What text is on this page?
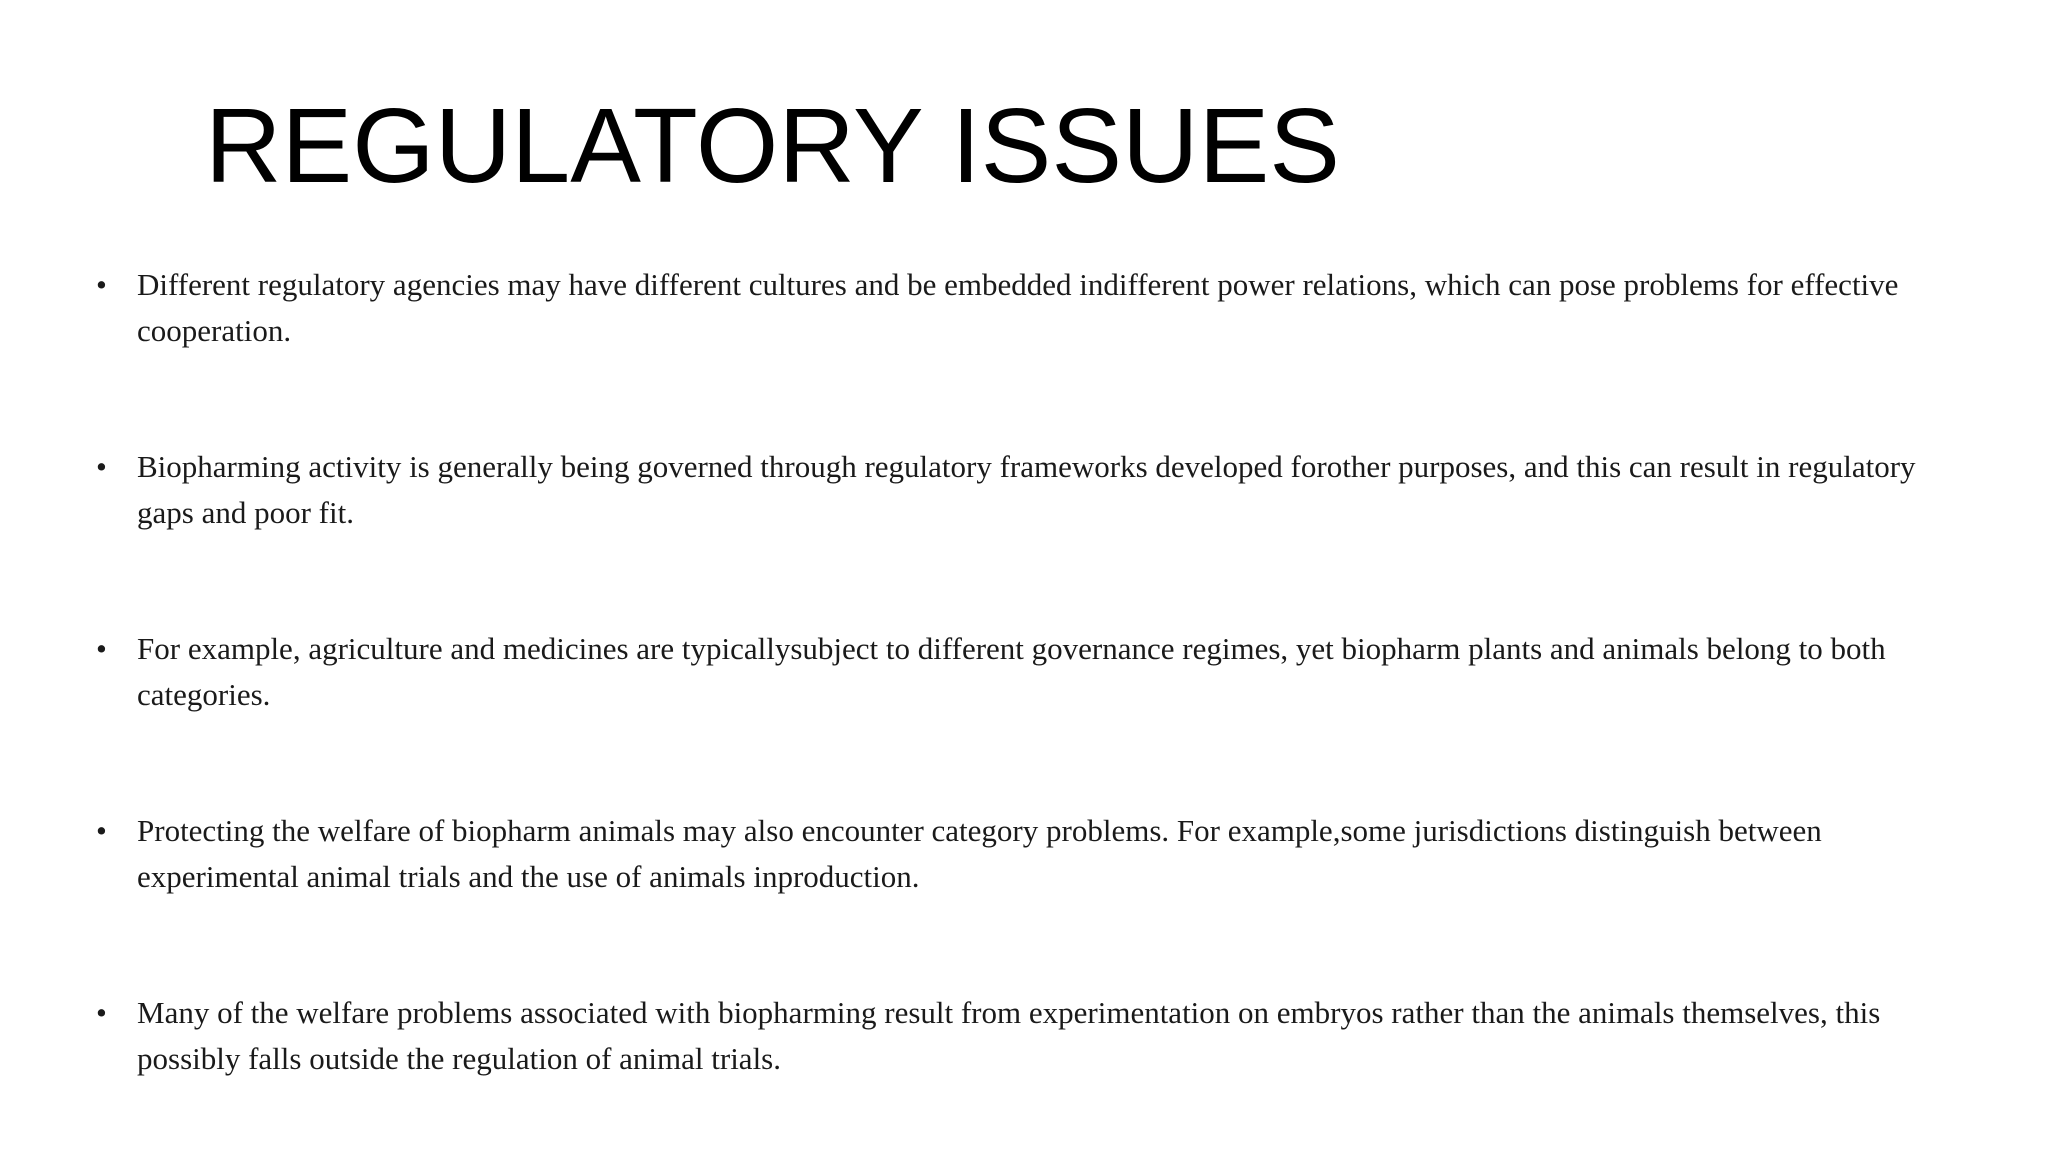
REGULATORY ISSUES
• Different regulatory agencies may have different cultures and be embedded indifferent power relations, which can pose problems for effective cooperation.
• Biopharming activity is generally being governed through regulatory frameworks developed forother purposes, and this can result in regulatory gaps and poor fit.
• For example, agriculture and medicines are typicallysubject to different governance regimes, yet biopharm plants and animals belong to both categories.
• Protecting the welfare of biopharm animals may also encounter category problems. For example,some jurisdictions distinguish between experimental animal trials and the use of animals inproduction.
• Many of the welfare problems associated with biopharming result from experimentation on embryos rather than the animals themselves, this possibly falls outside the regulation of animal trials.
